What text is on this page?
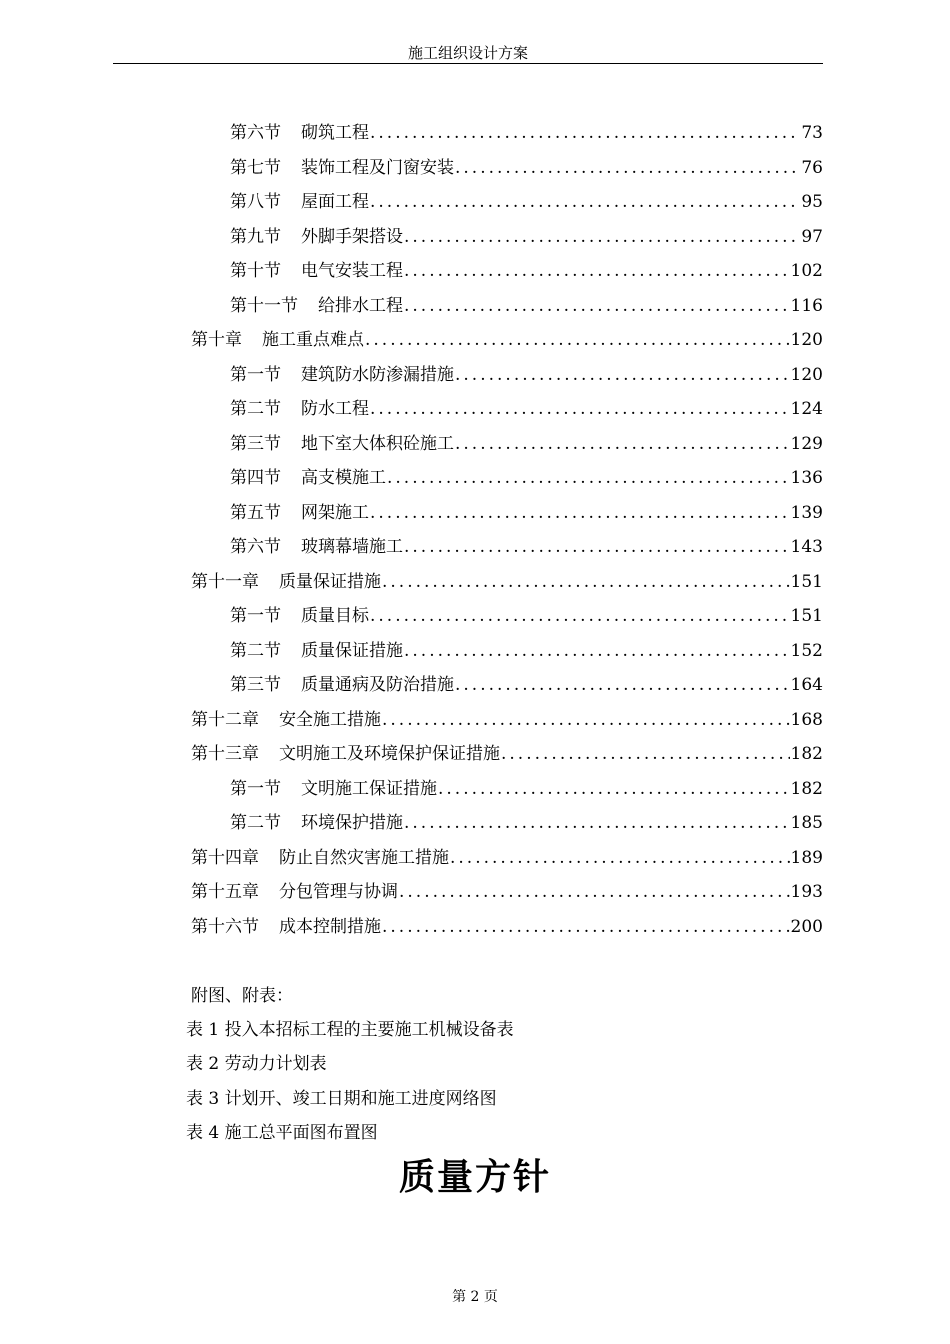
施工组织设计方案
第六节 砌筑工程 .....	73
第七节 装饰工程及门窗安装 .....	76
第八节 屋面工程 .....	95
第九节 外脚手架搭设 .....	97
第十节 电气安装工程 .....	102
第十一节 给排水工程 .....	116
第十章 施工重点难点 .....	120
第一节 建筑防水防渗漏措施 .....	120
第二节 防水工程 .....	124
第三节 地下室大体积砼施工 .....	129
第四节 高支模施工 .....	136
第五节 网架施工 .....	139
第六节 玻璃幕墙施工 .....	143
第十一章 质量保证措施 .....	151
第一节 质量目标 .....	151
第二节 质量保证措施 .....	152
第三节 质量通病及防治措施 .....	164
第十二章 安全施工措施 .....	168
第十三章 文明施工及环境保护保证措施 .....	182
第一节 文明施工保证措施 .....	182
第二节 环境保护措施 .....	185
第十四章 防止自然灾害施工措施 .....	189
第十五章 分包管理与协调 .....	193
第十六节 成本控制措施 .....	200
附图、附表：
表 1 投入本招标工程的主要施工机械设备表
表 2 劳动力计划表
表 3 计划开、竣工日期和施工进度网络图
表 4 施工总平面图布置图
质量方针
第 2 页
